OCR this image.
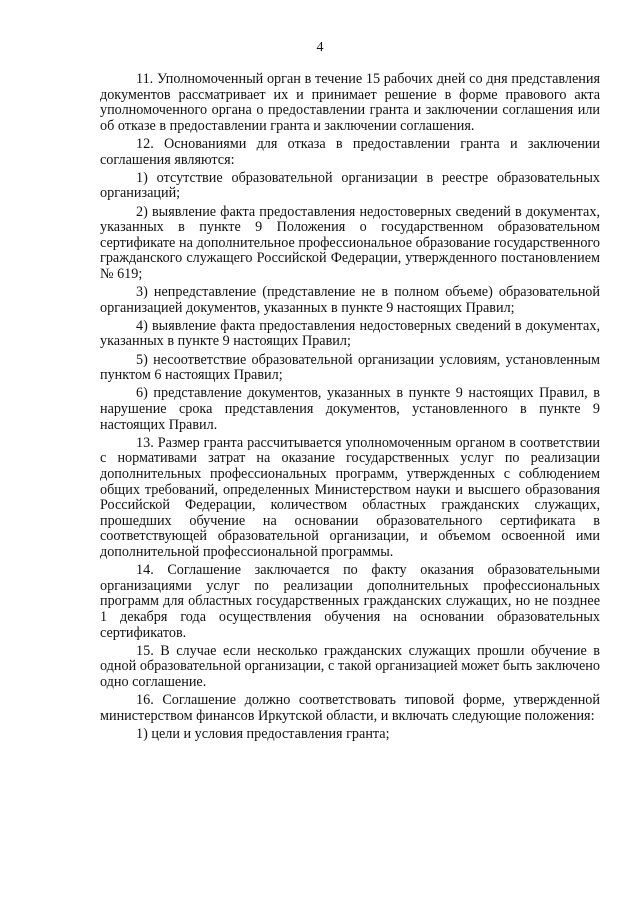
4

11. Уполномоченный орган в течение 15 рабочих дней со дня представления документов рассматривает их и принимает решение в форме правового акта уполномоченного органа о предоставлении гранта и заключении соглашения или об отказе в предоставлении гранта и заключении соглашения.

12. Основаниями для отказа в предоставлении гранта и заключении соглашения являются:

1) отсутствие образовательной организации в реестре образовательных организаций;

2) выявление факта предоставления недостоверных сведений в документах, указанных в пункте 9 Положения о государственном образовательном сертификате на дополнительное профессиональное образование государственного гражданского служащего Российской Федерации, утвержденного постановлением № 619;

3) непредставление (представление не в полном объеме) образовательной организацией документов, указанных в пункте 9 настоящих Правил;

4) выявление факта предоставления недостоверных сведений в документах, указанных в пункте 9 настоящих Правил;

5) несоответствие образовательной организации условиям, установленным пунктом 6 настоящих Правил;

6) представление документов, указанных в пункте 9 настоящих Правил, в нарушение срока представления документов, установленного в пункте 9 настоящих Правил.

13. Размер гранта рассчитывается уполномоченным органом в соответствии с нормативами затрат на оказание государственных услуг по реализации дополнительных профессиональных программ, утвержденных с соблюдением общих требований, определенных Министерством науки и высшего образования Российской Федерации, количеством областных гражданских служащих, прошедших обучение на основании образовательного сертификата в соответствующей образовательной организации, и объемом освоенной ими дополнительной профессиональной программы.

14. Соглашение заключается по факту оказания образовательными организациями услуг по реализации дополнительных профессиональных программ для областных государственных гражданских служащих, но не позднее 1 декабря года осуществления обучения на основании образовательных сертификатов.

15. В случае если несколько гражданских служащих прошли обучение в одной образовательной организации, с такой организацией может быть заключено одно соглашение.

16. Соглашение должно соответствовать типовой форме, утвержденной министерством финансов Иркутской области, и включать следующие положения:

1) цели и условия предоставления гранта;
